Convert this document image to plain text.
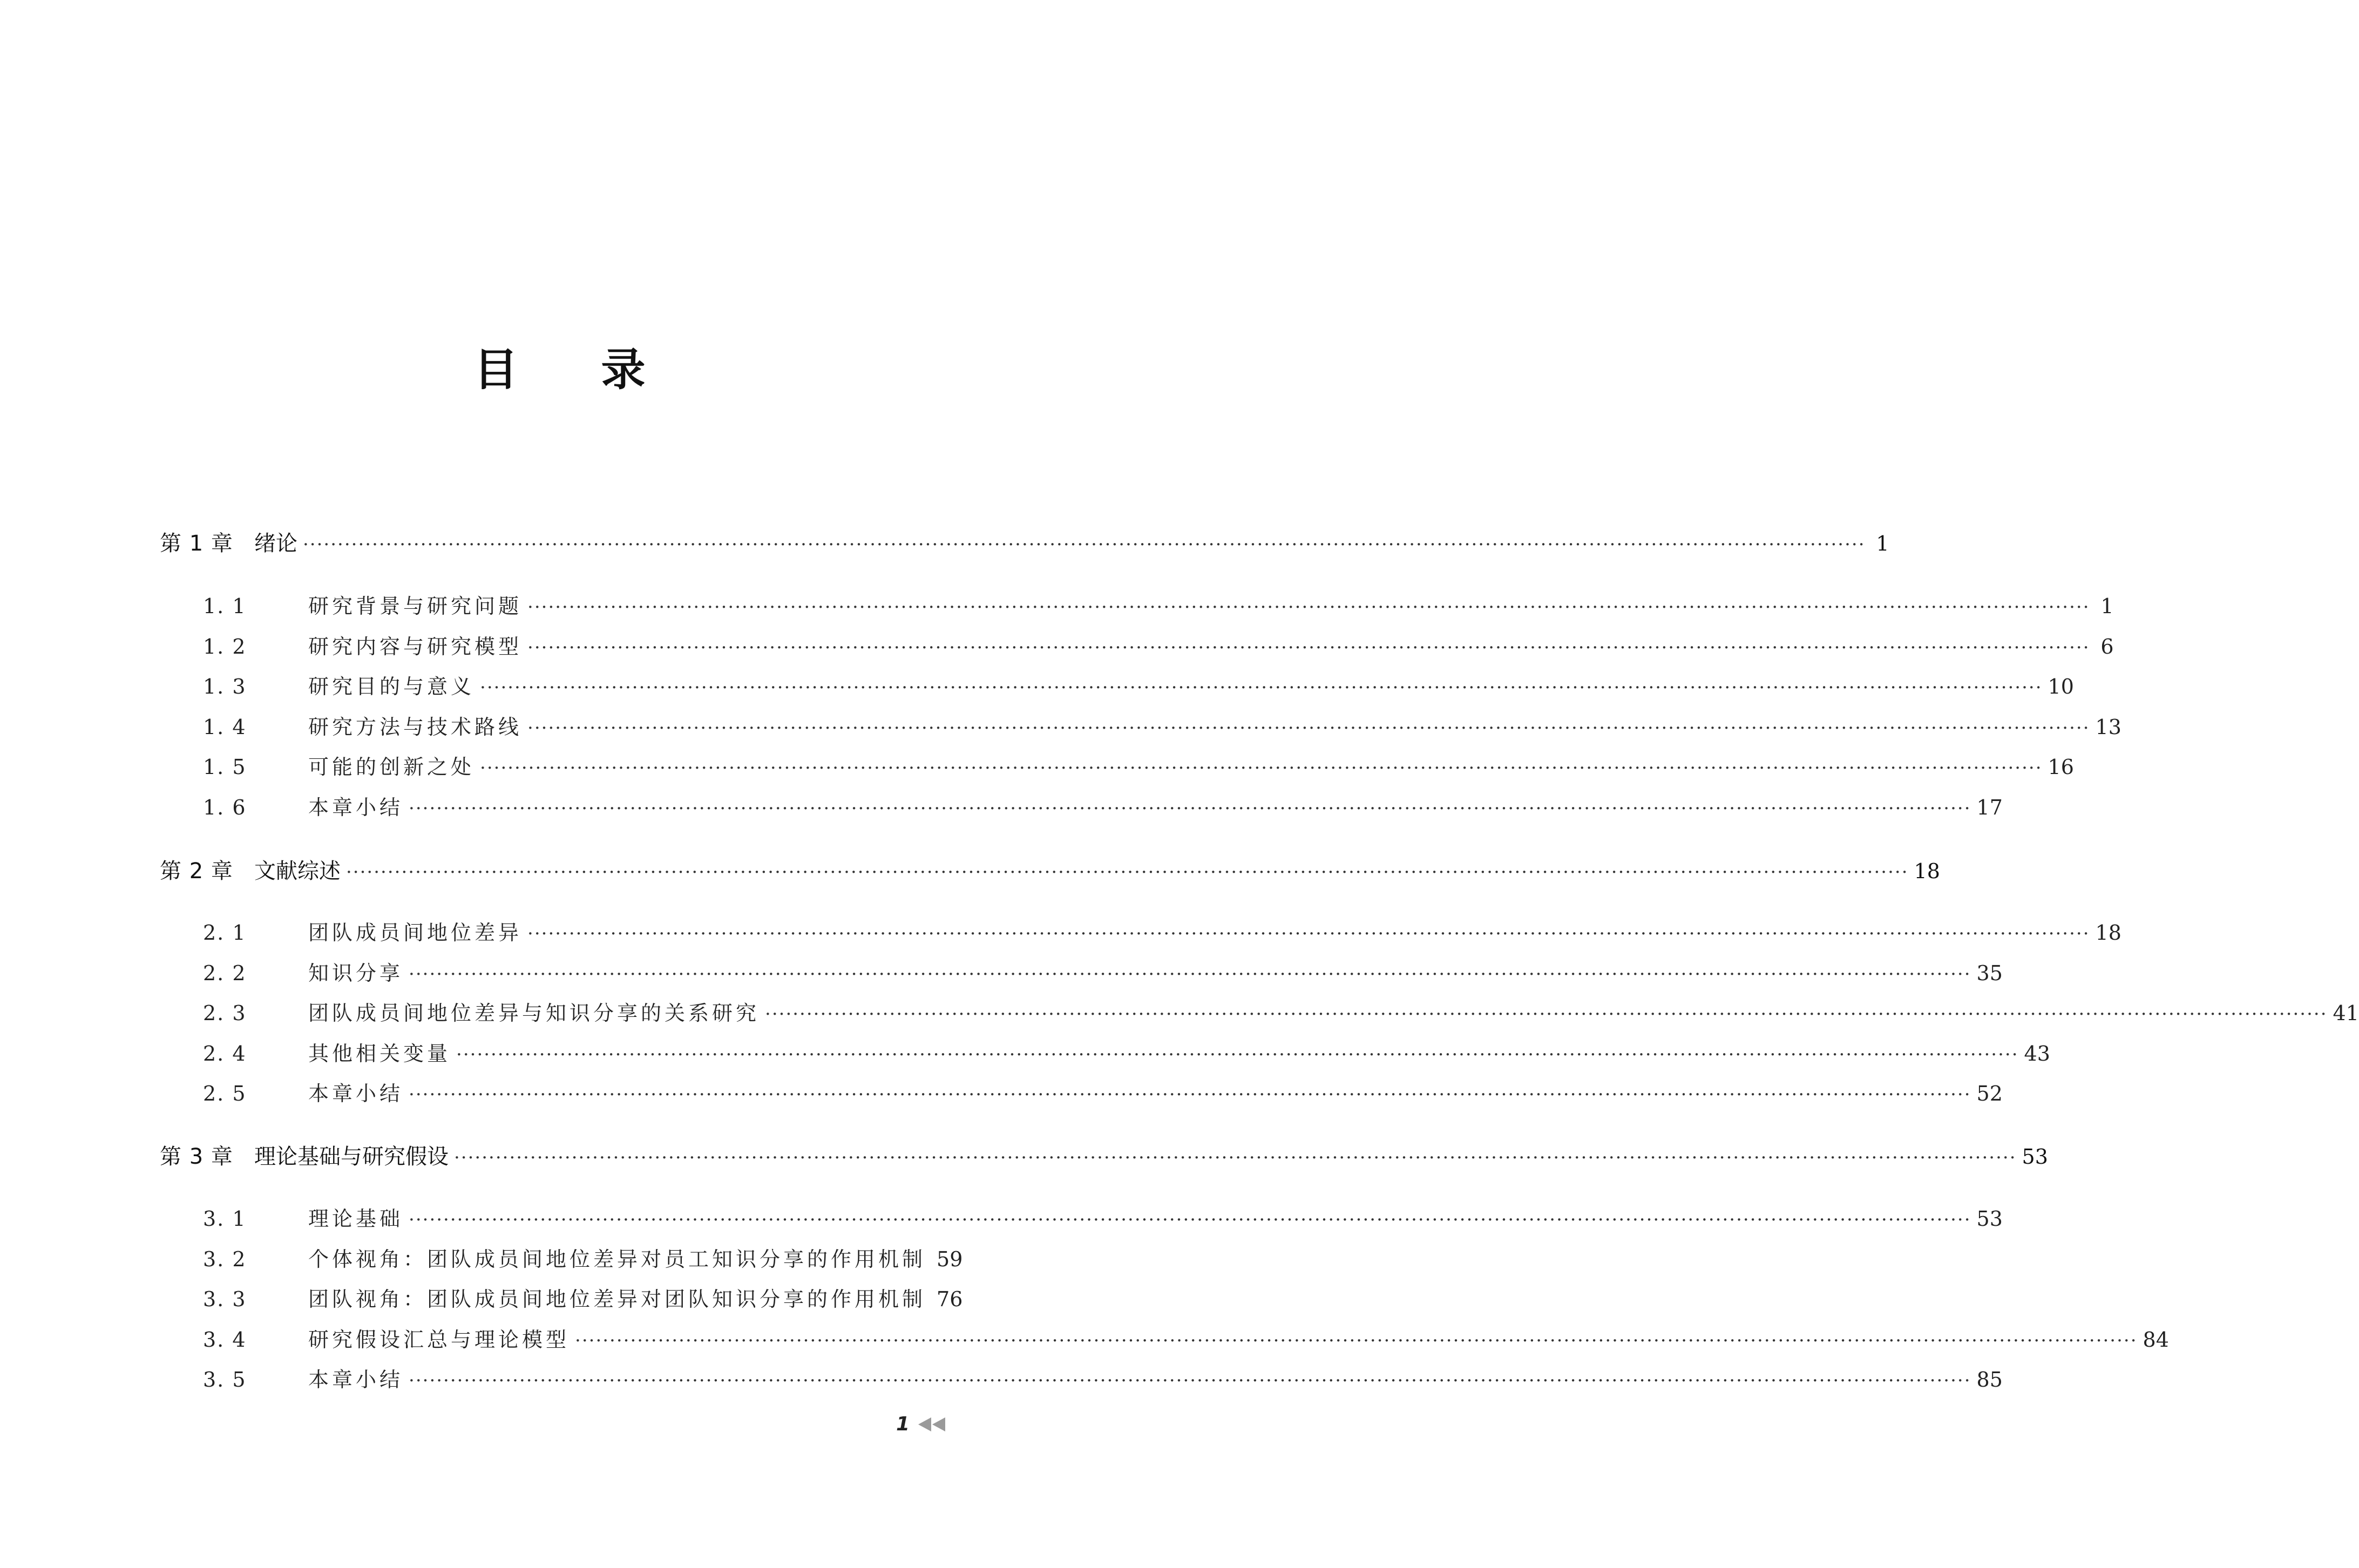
目 录
第 1 章 绪论 ·····	1
1. 1	研究背景与研究问题 ·····	1
1. 2	研究内容与研究模型 ·····	6
1. 3	研究目的与意义 ·····	10
1. 4	研究方法与技术路线 ·····	13
1. 5	可能的创新之处 ·····	16
1. 6	本章小结 ·····	17
第 2 章 文献综述 ·····	18
2. 1	团队成员间地位差异 ·····	18
2. 2	知识分享 ·····	35
2. 3	团队成员间地位差异与知识分享的关系研究 ·····	41
2. 4	其他相关变量 ·····	43
2. 5	本章小结 ·····	52
第 3 章 理论基础与研究假设 ·····	53
3. 1	理论基础 ·····	53
3. 2	个体视角：团队成员间地位差异对员工知识分享的作用机制 59
3. 3	团队视角：团队成员间地位差异对团队知识分享的作用机制 76
3. 4	研究假设汇总与理论模型 ·····	84
3. 5	本章小结 ·····	85
1
